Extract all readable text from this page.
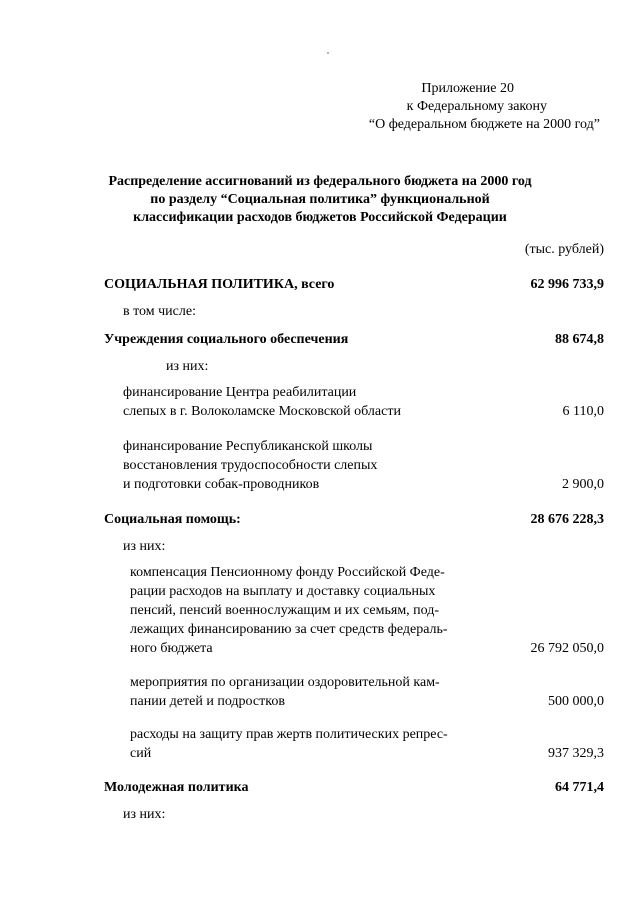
Приложение 20
к Федеральному закону
“О федеральном бюджете на 2000 год”
Распределение ассигнований из федерального бюджета на 2000 год
по разделу “Социальная политика” функциональной
классификации расходов бюджетов Российской Федерации
(тыс. рублей)
СОЦИАЛЬНАЯ ПОЛИТИКА, всего	62 996 733,9
в том числе:
Учреждения социального обеспечения	88 674,8
из них:
финансирование Центра реабилитации
слепых в г. Волоколамске Московской области	6 110,0
финансирование Республиканской школы
восстановления трудоспособности слепых
и подготовки собак-проводников	2 900,0
Социальная помощь:	28 676 228,3
из них:
компенсация Пенсионному фонду Российской Феде-
рации расходов на выплату и доставку социальных
пенсий, пенсий военнослужащим и их семьям, под-
лежащих финансированию за счет средств федераль-
ного бюджета	26 792 050,0
мероприятия по организации оздоровительной кам-
пании детей и подростков	500 000,0
расходы на защиту прав жертв политических репрес-
сий	937 329,3
Молодежная политика	64 771,4
из них:
